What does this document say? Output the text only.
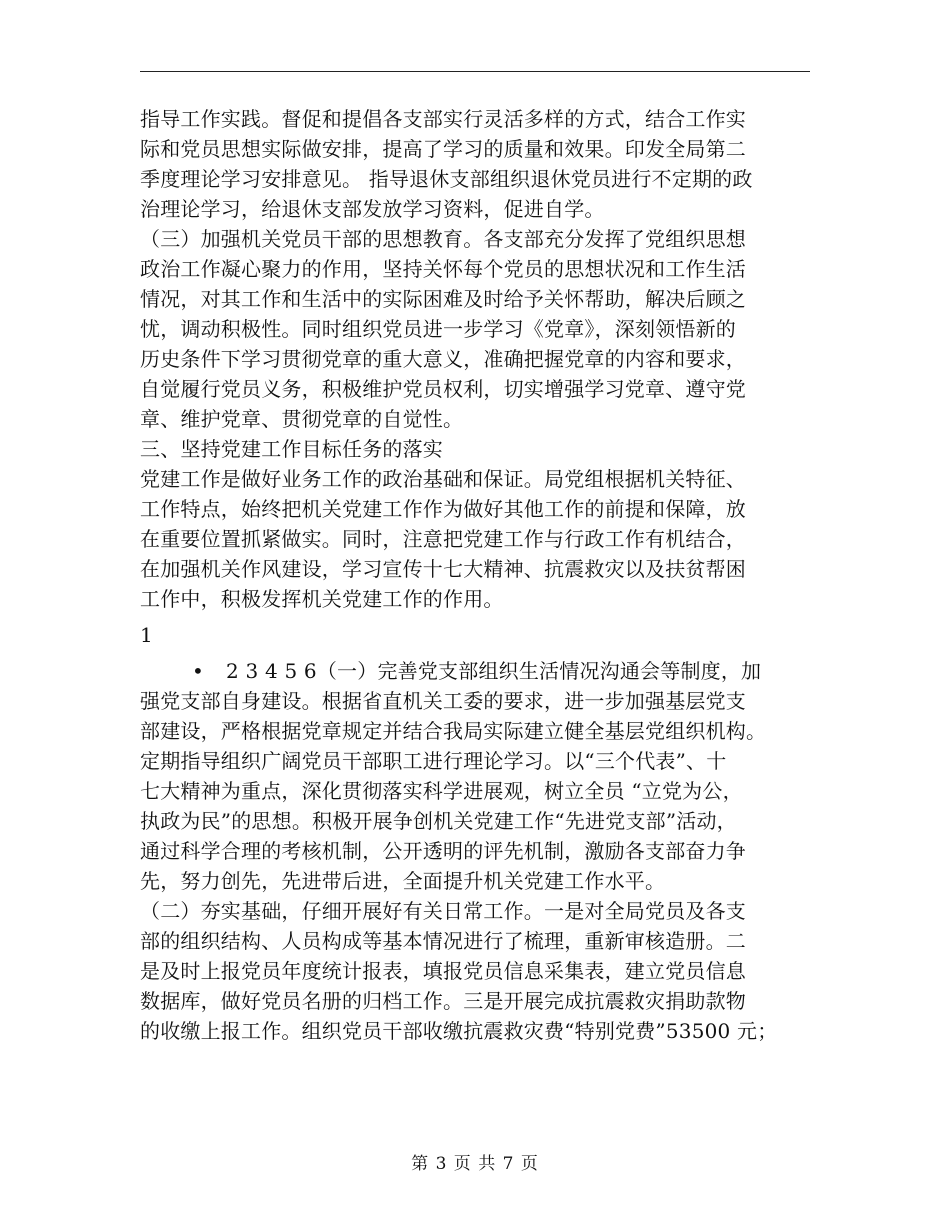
指导工作实践。督促和提倡各支部实行灵活多样的方式，结合工作实
际和党员思想实际做安排，提高了学习的质量和效果。印发全局第二
季度理论学习安排意见。 指导退休支部组织退休党员进行不定期的政
治理论学习，给退休支部发放学习资料，促进自学。
（三）加强机关党员干部的思想教育。各支部充分发挥了党组织思想
政治工作凝心聚力的作用，坚持关怀每个党员的思想状况和工作生活
情况，对其工作和生活中的实际困难及时给予关怀帮助，解决后顾之
忧，调动积极性。同时组织党员进一步学习《党章》，深刻领悟新的
历史条件下学习贯彻党章的重大意义，准确把握党章的内容和要求，
自觉履行党员义务，积极维护党员权利，切实增强学习党章、遵守党
章、维护党章、贯彻党章的自觉性。
三、坚持党建工作目标任务的落实
党建工作是做好业务工作的政治基础和保证。局党组根据机关特征、
工作特点，始终把机关党建工作作为做好其他工作的前提和保障，放
在重要位置抓紧做实。同时，注意把党建工作与行政工作有机结合，
在加强机关作风建设，学习宣传十七大精神、抗震救灾以及扶贫帮困
工作中，积极发挥机关党建工作的作用。
1
• 2 3 4 5 6（一）完善党支部组织生活情况沟通会等制度，加
强党支部自身建设。根据省直机关工委的要求，进一步加强基层党支
部建设，严格根据党章规定并结合我局实际建立健全基层党组织机构。
定期指导组织广阔党员干部职工进行理论学习。以“三个代表”、十
七大精神为重点，深化贯彻落实科学进展观，树立全员 “立党为公，
执政为民”的思想。积极开展争创机关党建工作“先进党支部”活动，
通过科学合理的考核机制，公开透明的评先机制，激励各支部奋力争
先，努力创先，先进带后进，全面提升机关党建工作水平。
（二）夯实基础，仔细开展好有关日常工作。一是对全局党员及各支
部的组织结构、人员构成等基本情况进行了梳理，重新审核造册。二
是及时上报党员年度统计报表，填报党员信息采集表，建立党员信息
数据库，做好党员名册的归档工作。三是开展完成抗震救灾捐助款物
的收缴上报工作。组织党员干部收缴抗震救灾费“特别党费”53500 元；
第 3 页 共 7 页
